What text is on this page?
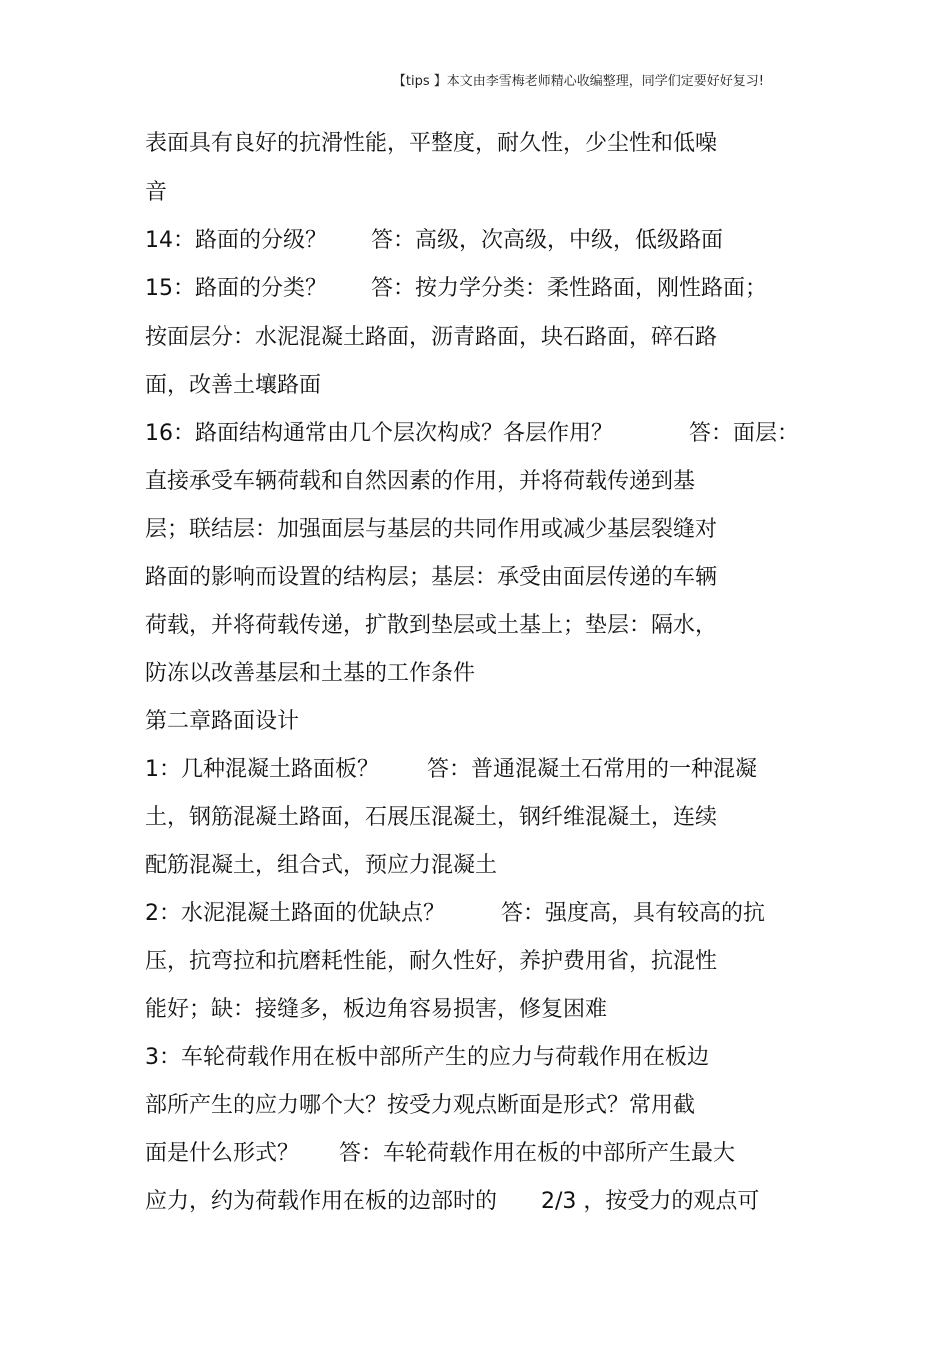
【tips 】本文由李雪梅老师精心收编整理，同学们定要好好复习!
表面具有良好的抗滑性能，平整度，耐久性，少尘性和低噪
音
14：路面的分级？ 答：高级，次高级，中级，低级路面
15：路面的分类？ 答：按力学分类：柔性路面，刚性路面；
按面层分：水泥混凝土路面，沥青路面，块石路面，碎石路
面，改善土壤路面
16：路面结构通常由几个层次构成？各层作用？	答：面层：
直接承受车辆荷载和自然因素的作用，并将荷载传递到基
层；联结层：加强面层与基层的共同作用或减少基层裂缝对
路面的影响而设置的结构层；基层：承受由面层传递的车辆
荷载，并将荷载传递，扩散到垫层或土基上；垫层：隔水，
防冻以改善基层和土基的工作条件
第二章路面设计
1：几种混凝土路面板？ 答：普通混凝土石常用的一种混凝
土，钢筋混凝土路面，石展压混凝土，钢纤维混凝土，连续
配筋混凝土，组合式，预应力混凝土
2：水泥混凝土路面的优缺点？	答：强度高，具有较高的抗
压，抗弯拉和抗磨耗性能，耐久性好，养护费用省，抗混性
能好；缺：接缝多，板边角容易损害，修复困难
3：车轮荷载作用在板中部所产生的应力与荷载作用在板边
部所产生的应力哪个大？按受力观点断面是形式？常用截
面是什么形式？ 答：车轮荷载作用在板的中部所产生最大
应力，约为荷载作用在板的边部时的 2/3 ，按受力的观点可
